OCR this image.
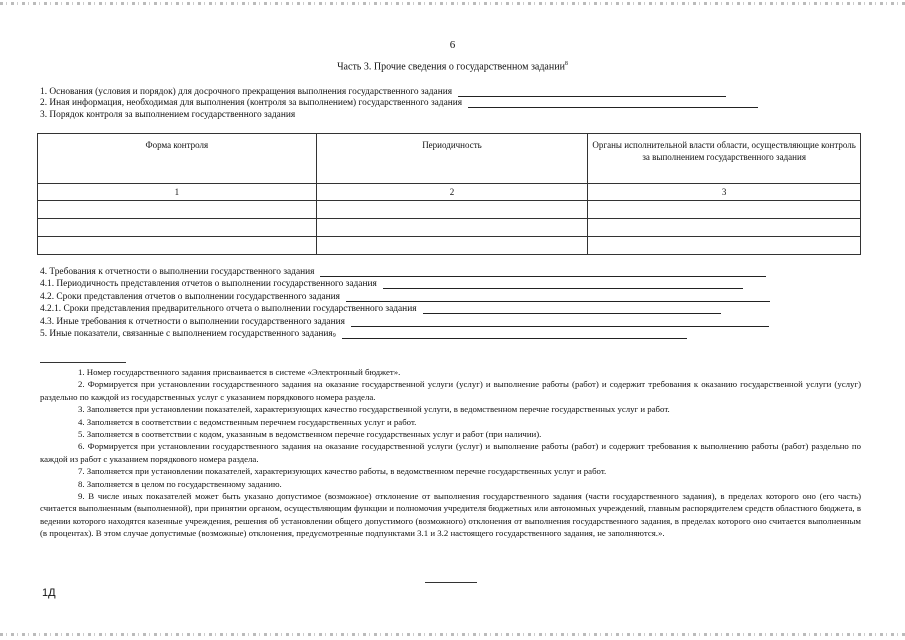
6
Часть 3. Прочие сведения о государственном задании$^8$
1. Основания (условия и порядок) для досрочного прекращения выполнения государственного задания
2. Иная информация, необходимая для выполнения (контроля за выполнением) государственного задания
3. Порядок контроля за выполнением государственного задания
Форма контроля	Периодичность	Органы исполнительной власти области, осуществляющие контроль за выполнением государственного задания
1	2	3

4. Требования к отчетности о выполнении государственного задания
4.1. Периодичность представления отчетов о выполнении государственного задания
4.2. Сроки представления отчетов о выполнении государственного задания
4.2.1. Сроки представления предварительного отчета о выполнении государственного задания
4.3. Иные требования к отчетности о выполнении государственного задания
5. Иные показатели, связанные с выполнением государственного задания$_9$

1. Номер государственного задания присваивается в системе «Электронный бюджет».

2. Формируется при установлении государственного задания на оказание государственной услуги (услуг) и выполнение работы (работ) и содержит требования к оказанию государственной услуги (услуг) раздельно по каждой из государственных услуг с указанием порядкового номера раздела.

3. Заполняется при установлении показателей, характеризующих качество государственной услуги, в ведомственном перечне государственных услуг и работ.

4. Заполняется в соответствии с ведомственным перечнем государственных услуг и работ.

5. Заполняется в соответствии с кодом, указанным в ведомственном перечне государственных услуг и работ (при наличии).

6. Формируется при установлении государственного задания на оказание государственной услуги (услуг) и выполнение работы (работ) и содержит требования к выполнению работы (работ) раздельно по каждой из работ с указанием порядкового номера раздела.

7. Заполняется при установлении показателей, характеризующих качество работы, в ведомственном перечне государственных услуг и работ.

8. Заполняется в целом по государственному заданию.

9. В числе иных показателей может быть указано допустимое (возможное) отклонение от выполнения государственного задания (части государственного задания), в пределах которого оно (его часть) считается выполненным (выполненной), при принятии органом, осуществляющим функции и полномочия учредителя бюджетных или автономных учреждений, главным распорядителем средств областного бюджета, в ведении которого находятся казенные учреждения, решения об установлении общего допустимого (возможного) отклонения от выполнения государственного задания, в пределах которого оно считается выполненным (в процентах). В этом случае допустимые (возможные) отклонения, предусмотренные подпунктами 3.1 и 3.2 настоящего государственного задания, не заполняются.».

1Д
